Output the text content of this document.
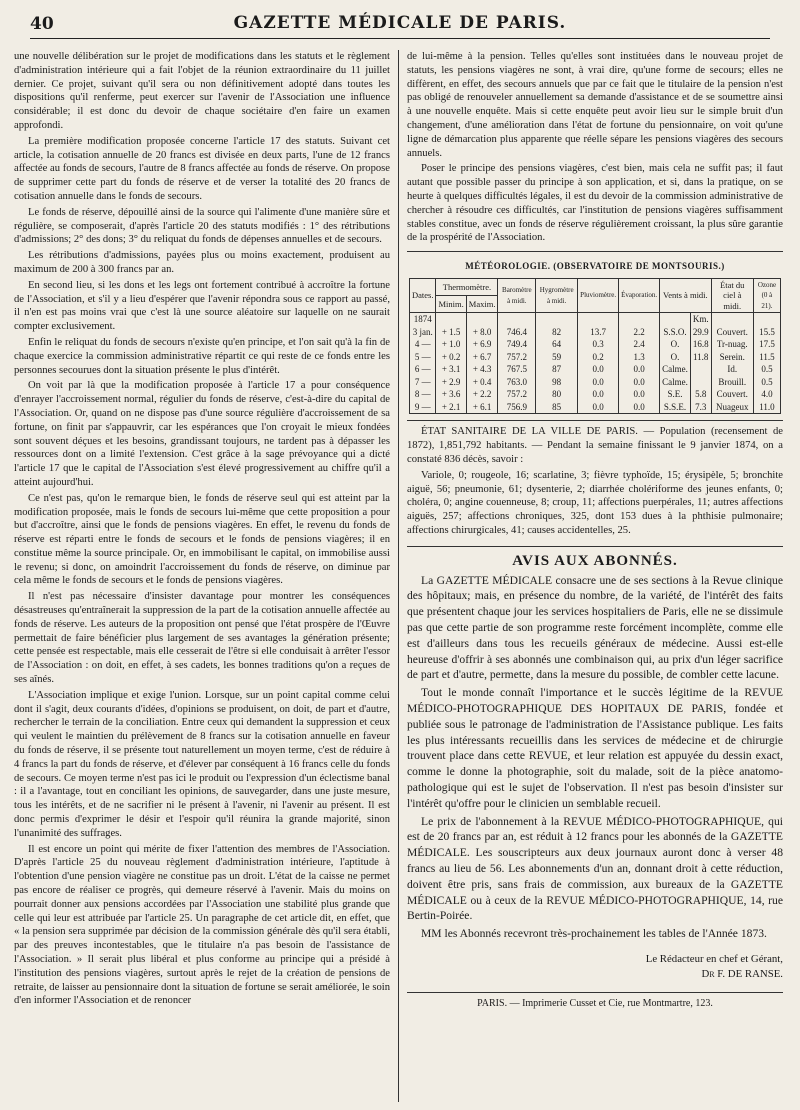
40	GAZETTE MÉDICALE DE PARIS.

une nouvelle délibération sur le projet de modifications dans les statuts et le règlement d'administration intérieure qui a fait l'objet de la réunion extraordinaire du 11 juillet dernier. Ce projet, suivant qu'il sera ou non définitivement adopté dans toutes les dispositions qu'il renferme, peut exercer sur l'avenir de l'Association une influence considérable; il est donc du devoir de chaque sociétaire d'en faire un examen approfondi.

La première modification proposée concerne l'article 17 des statuts. Suivant cet article, la cotisation annuelle de 20 francs est divisée en deux parts, l'une de 12 francs affectée au fonds de secours, l'autre de 8 francs affectée au fonds de réserve. On propose de supprimer cette part du fonds de réserve et de verser la totalité des 20 francs de cotisation annuelle dans le fonds de secours.

Le fonds de réserve, dépouillé ainsi de la source qui l'alimente d'une manière sûre et régulière, se composerait, d'après l'article 20 des statuts modifiés : 1° des rétributions d'admissions; 2° des dons; 3° du reliquat du fonds de dépenses annuelles et de secours.

Les rétributions d'admissions, payées plus ou moins exactement, produisent au maximum de 200 à 300 francs par an.

En second lieu, si les dons et les legs ont fortement contribué à accroître la fortune de l'Association, et s'il y a lieu d'espérer que l'avenir répondra sous ce rapport au passé, il n'en est pas moins vrai que c'est là une source aléatoire sur laquelle on ne saurait compter exclusivement.

Enfin le reliquat du fonds de secours n'existe qu'en principe, et l'on sait qu'à la fin de chaque exercice la commission administrative répartit ce qui reste de ce fonds entre les personnes secourues dont la situation présente le plus d'intérêt.

On voit par là que la modification proposée à l'article 17 a pour conséquence d'enrayer l'accroissement normal, régulier du fonds de réserve, c'est-à-dire du capital de l'Association. Or, quand on ne dispose pas d'une source régulière d'accroissement de sa fortune, on finit par s'appauvrir, car les espérances que l'on croyait le mieux fondées sont souvent déçues et les besoins, grandissant toujours, ne tardent pas à dépasser les ressources dont on a limité l'extension. C'est grâce à la sage prévoyance qui a dicté l'article 17 que le capital de l'Association s'est élevé progressivement au chiffre qu'il a atteint aujourd'hui.

Ce n'est pas, qu'on le remarque bien, le fonds de réserve seul qui est atteint par la modification proposée, mais le fonds de secours lui-même que cette proposition a pour but d'accroître, ainsi que le fonds de pensions viagères. En effet, le revenu du fonds de réserve est réparti entre le fonds de secours et le fonds de pensions viagères; il en constitue même la source principale. Or, en immobilisant le capital, on immobilise aussi le revenu; si donc, on amoindrit l'accroissement du fonds de réserve, on diminue par cela même le fonds de secours et le fonds de pensions viagères.

Il n'est pas nécessaire d'insister davantage pour montrer les conséquences désastreuses qu'entraînerait la suppression de la part de la cotisation annuelle affectée au fonds de réserve. Les auteurs de la proposition ont pensé que l'état prospère de l'Œuvre permettait de faire bénéficier plus largement de ses avantages la génération présente; cette pensée est respectable, mais elle cesserait de l'être si elle conduisait à arrêter l'essor de l'Association : on doit, en effet, à ses cadets, les bonnes traditions qu'on a reçues de ses aînés.

L'Association implique et exige l'union. Lorsque, sur un point capital comme celui dont il s'agit, deux courants d'idées, d'opinions se produisent, on doit, de part et d'autre, rechercher le terrain de la conciliation. Entre ceux qui demandent la suppression et ceux qui veulent le maintien du prélèvement de 8 francs sur la cotisation annuelle en faveur du fonds de réserve, il se présente tout naturellement un moyen terme, c'est de réduire à 4 francs la part du fonds de réserve, et d'élever par conséquent à 16 francs celle du fonds de secours. Ce moyen terme n'est pas ici le produit ou l'expression d'un éclectisme banal : il a l'avantage, tout en conciliant les opinions, de sauvegarder, dans une juste mesure, tous les intérêts, et de ne sacrifier ni le présent à l'avenir, ni l'avenir au présent. Il est donc permis d'exprimer le désir et l'espoir qu'il réunira la grande majorité, sinon l'unanimité des suffrages.

Il est encore un point qui mérite de fixer l'attention des membres de l'Association. D'après l'article 25 du nouveau règlement d'administration intérieure, l'aptitude à l'obtention d'une pension viagère ne constitue pas un droit. L'état de la caisse ne permet pas encore de réaliser ce progrès, qui demeure réservé à l'avenir. Mais du moins on pourrait donner aux pensions accordées par l'Association une stabilité plus grande que celle qui leur est attribuée par l'article 25. Un paragraphe de cet article dit, en effet, que « la pension sera supprimée par décision de la commission générale dès qu'il sera établi, par des preuves incontestables, que le titulaire n'a pas besoin de l'assistance de l'Association. » Il serait plus libéral et plus conforme au principe qui a présidé à l'institution des pensions viagères, surtout après le rejet de la création de pensions de retraite, de laisser au pensionnaire dont la situation de fortune se serait améliorée, le soin d'en informer l'Association et de renoncer

de lui-même à la pension. Telles qu'elles sont instituées dans le nouveau projet de statuts, les pensions viagères ne sont, à vrai dire, qu'une forme de secours; elles ne diffèrent, en effet, des secours annuels que par ce fait que le titulaire de la pension n'est pas obligé de renouveler annuellement sa demande d'assistance et de se soumettre ainsi à une nouvelle enquête. Mais si cette enquête peut avoir lieu sur le simple bruit d'un changement, d'une amélioration dans l'état de fortune du pensionnaire, on voit qu'une ligne de démarcation plus apparente que réelle sépare les pensions viagères des secours annuels.

Poser le principe des pensions viagères, c'est bien, mais cela ne suffit pas; il faut autant que possible passer du principe à son application, et si, dans la pratique, on se heurte à quelques difficultés légales, il est du devoir de la commission administrative de chercher à résoudre ces difficultés, car l'institution de pensions viagères suffisamment stables constitue, avec un fonds de réserve régulièrement croissant, la plus sûre garantie de la prospérité de l'Association.

MÉTÉOROLOGIE. (OBSERVATOIRE DE MONTSOURIS.)
Dates.	Thermomètre.		Baromètre à midi.	Hygromètre à midi.	Pluviomètre.	Évaporation.	Vents à midi.		État du ciel à midi.	Ozone (0 à 21).

	Minim.	Maxim.								
1874								Km.		
3 jan.	+ 1.5	+ 8.0	746.4	82	13.7	2.2	S.S.O.	29.9	Couvert.	15.5
4 —	+ 1.0	+ 6.9	749.4	64	0.3	2.4	O.	16.8	Tr-nuag.	17.5
5 —	+ 0.2	+ 6.7	757.2	59	0.2	1.3	O.	11.8	Serein.	11.5
6 —	+ 3.1	+ 4.3	767.5	87	0.0	0.0	Calme.		Id.	0.5
7 —	+ 2.9	+ 0.4	763.0	98	0.0	0.0	Calme.		Brouill.	0.5
8 —	+ 3.6	+ 2.2	757.2	80	0.0	0.0	S.E.	5.8	Couvert.	4.0
9 —	+ 2.1	+ 6.1	756.9	85	0.0	0.0	S.S.E.	7.3	Nuageux	11.0

ÉTAT SANITAIRE DE LA VILLE DE PARIS. — Population (recensement de 1872), 1,851,792 habitants. — Pendant la semaine finissant le 9 janvier 1874, on a constaté 836 décès, savoir :

Variole, 0; rougeole, 16; scarlatine, 3; fièvre typhoïde, 15; érysipèle, 5; bronchite aiguë, 56; pneumonie, 61; dysenterie, 2; diarrhée cholériforme des jeunes enfants, 0; choléra, 0; angine couenneuse, 8; croup, 11; affections puerpérales, 11; autres affections aiguës, 257; affections chroniques, 325, dont 153 dues à la phthisie pulmonaire; affections chirurgicales, 41; causes accidentelles, 25.

AVIS AUX ABONNÉS.

La GAZETTE MÉDICALE consacre une de ses sections à la Revue clinique des hôpitaux; mais, en présence du nombre, de la variété, de l'intérêt des faits que présentent chaque jour les services hospitaliers de Paris, elle ne se dissimule pas que cette partie de son programme reste forcément incomplète, comme elle est d'ailleurs dans tous les recueils généraux de médecine. Aussi est-elle heureuse d'offrir à ses abonnés une combinaison qui, au prix d'un léger sacrifice de part et d'autre, permette, dans la mesure du possible, de combler cette lacune.

Tout le monde connaît l'importance et le succès légitime de la REVUE MÉDICO-PHOTOGRAPHIQUE DES HOPITAUX DE PARIS, fondée et publiée sous le patronage de l'administration de l'Assistance publique. Les faits les plus intéressants recueillis dans les services de médecine et de chirurgie trouvent place dans cette REVUE, et leur relation est appuyée du dessin exact, comme le donne la photographie, soit du malade, soit de la pièce anatomo-pathologique qui est le sujet de l'observation. Il n'est pas besoin d'insister sur l'intérêt qu'offre pour le clinicien un semblable recueil.

Le prix de l'abonnement à la REVUE MÉDICO-PHOTOGRAPHIQUE, qui est de 20 francs par an, est réduit à 12 francs pour les abonnés de la GAZETTE MÉDICALE. Les souscripteurs aux deux journaux auront donc à verser 48 francs au lieu de 56. Les abonnements d'un an, donnant droit à cette réduction, doivent être pris, sans frais de commission, aux bureaux de la GAZETTE MÉDICALE ou à ceux de la REVUE MÉDICO-PHOTOGRAPHIQUE, 14, rue Bertin-Poirée.

MM les Abonnés recevront très-prochainement les tables de l'Année 1873.

Le Rédacteur en chef et Gérant,
Dr F. DE RANSE.
PARIS. — Imprimerie Cusset et Cie, rue Montmartre, 123.
